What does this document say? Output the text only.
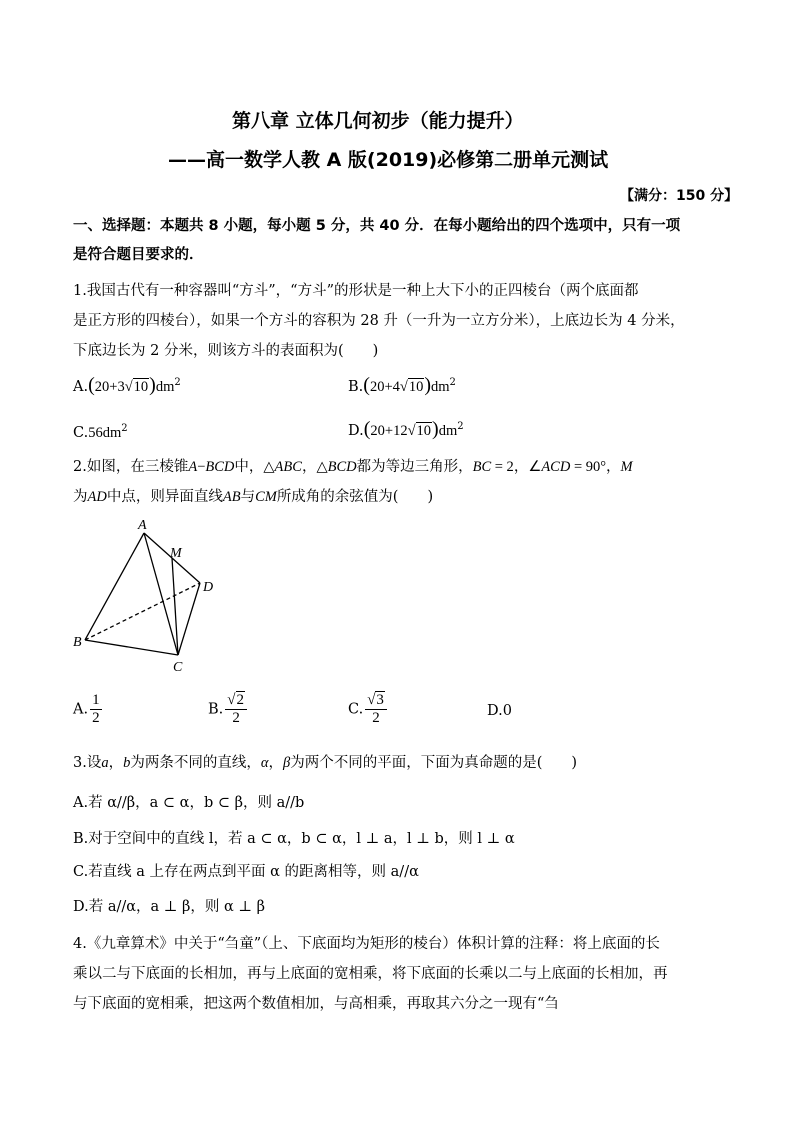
第八章 立体几何初步（能力提升）
——高一数学人教 A 版(2019)必修第二册单元测试
【满分：150 分】
一、选择题：本题共 8 小题，每小题 5 分，共 40 分．在每小题给出的四个选项中，只有一项
是符合题目要求的．
1.我国古代有一种容器叫“方斗”，“方斗”的形状是一种上大下小的正四棱台（两个底面都
是正方形的四棱台），如果一个方斗的容积为 28 升（一升为一立方分米），上底边长为 4 分米，
下底边长为 2 分米，则该方斗的表面积为(　　)
$A.(20+3√10)dm^2$	$B.(20+4√10)dm^2$
$C.56dm^2$	$D.(20+12√10)dm^2$
2.如图，在三棱锥A−BCD中，△ABC，△BCD都为等边三角形，BC = 2，∠ACD = 90°，M
为AD中点，则异面直线AB与CM所成角的余弦值为(　　)
A
M
D
B
C
A. $\frac{1}{2}$	B. $\frac{√2}{2}$	C. $\frac{√3}{2}$	D.0
3.设a，b为两条不同的直线，α，β为两个不同的平面，下面为真命题的是(　　)
A.若 α//β，a ⊂ α，b ⊂ β，则 a//b
B.对于空间中的直线 l，若 a ⊂ α，b ⊂ α，l ⊥ a，l ⊥ b，则 l ⊥ α
C.若直线 a 上存在两点到平面 α 的距离相等，则 a//α
D.若 a//α，a ⊥ β，则 α ⊥ β
4.《九章算术》中关于“刍童”（上、下底面均为矩形的棱台）体积计算的注释：将上底面的长
乘以二与下底面的长相加，再与上底面的宽相乘，将下底面的长乘以二与上底面的长相加，再
与下底面的宽相乘，把这两个数值相加，与高相乘，再取其六分之一现有“刍
